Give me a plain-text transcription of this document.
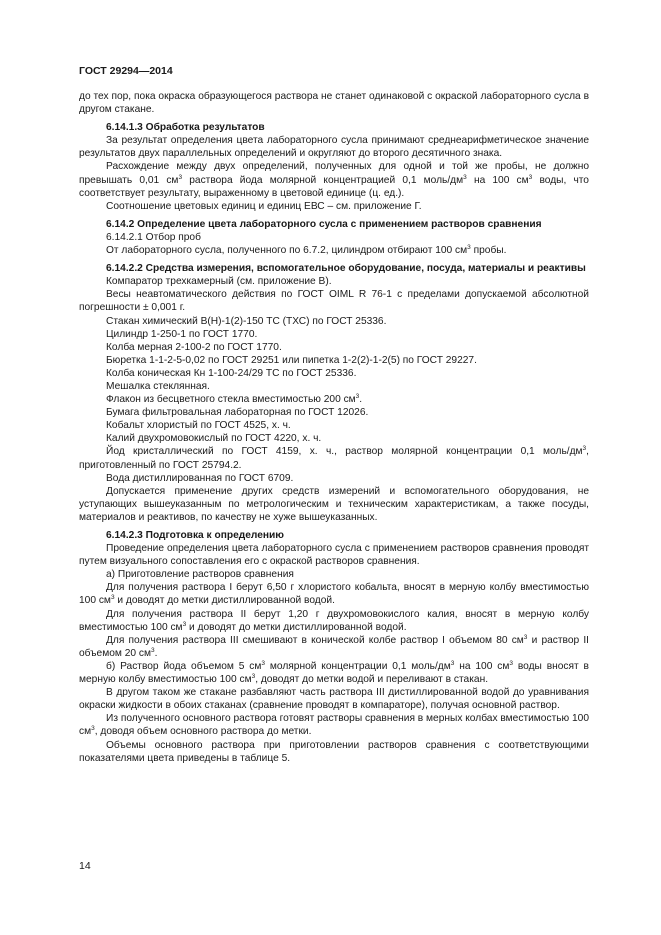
ГОСТ 29294—2014

до тех пор, пока окраска образующегося раствора не станет одинаковой с окраской лабораторного сусла в другом стакане.

6.14.1.3 Обработка результатов

За результат определения цвета лабораторного сусла принимают среднеарифметическое значение результатов двух параллельных определений и округляют до второго десятичного знака.

Расхождение между двух определений, полученных для одной и той же пробы, не должно превышать 0,01 $см^3$ раствора йода молярной концентрацией 0,1 моль/$дм^3$ на 100 $см^3$ воды, что соответствует результату, выраженному в цветовой единице (ц. ед.).

Соотношение цветовых единиц и единиц ЕВС – см. приложение Г.

6.14.2 Определение цвета лабораторного сусла с применением растворов сравнения

6.14.2.1 Отбор проб

От лабораторного сусла, полученного по 6.7.2, цилиндром отбирают 100 $см^3$ пробы.

6.14.2.2 Средства измерения, вспомогательное оборудование, посуда, материалы и реактивы

Компаратор трехкамерный (см. приложение В).

Весы неавтоматического действия по ГОСТ OIML R 76-1 с пределами допускаемой абсолютной погрешности ± 0,001 г.

Стакан химический В(Н)-1(2)-150 ТС (ТХС) по ГОСТ 25336.

Цилиндр 1-250-1 по ГОСТ 1770.

Колба мерная 2-100-2 по ГОСТ 1770.

Бюретка 1-1-2-5-0,02 по ГОСТ 29251 или пипетка 1-2(2)-1-2(5) по ГОСТ 29227.

Колба коническая Кн 1-100-24/29 ТС по ГОСТ 25336.

Мешалка стеклянная.

Флакон из бесцветного стекла вместимостью 200 $см^3$.

Бумага фильтровальная лабораторная по ГОСТ 12026.

Кобальт хлористый по ГОСТ 4525, х. ч.

Калий двухромовокислый по ГОСТ 4220, х. ч.

Йод кристаллический по ГОСТ 4159, х. ч., раствор молярной концентрации 0,1 моль/$дм^3$, приготовленный по ГОСТ 25794.2.

Вода дистиллированная по ГОСТ 6709.

Допускается применение других средств измерений и вспомогательного оборудования, не уступающих вышеуказанным по метрологическим и техническим характеристикам, а также посуды, материалов и реактивов, по качеству не хуже вышеуказанных.

6.14.2.3 Подготовка к определению

Проведение определения цвета лабораторного сусла с применением растворов сравнения проводят путем визуального сопоставления его с окраской растворов сравнения.

а) Приготовление растворов сравнения

Для получения раствора I берут 6,50 г хлористого кобальта, вносят в мерную колбу вместимостью 100 $см^3$ и доводят до метки дистиллированной водой.

Для получения раствора II берут 1,20 г двухромовокислого калия, вносят в мерную колбу вместимостью 100 $см^3$ и доводят до метки дистиллированной водой.

Для получения раствора III смешивают в конической колбе раствор I объемом 80 $см^3$ и раствор II объемом 20 $см^3$.

б) Раствор йода объемом 5 $см^3$ молярной концентрации 0,1 моль/$дм^3$ на 100 $см^3$ воды вносят в мерную колбу вместимостью 100 $см^3$, доводят до метки водой и переливают в стакан.

В другом таком же стакане разбавляют часть раствора III дистиллированной водой до уравнивания окраски жидкости в обоих стаканах (сравнение проводят в компараторе), получая основной раствор.

Из полученного основного раствора готовят растворы сравнения в мерных колбах вместимостью 100 $см^3$, доводя объем основного раствора до метки.

Объемы основного раствора при приготовлении растворов сравнения с соответствующими показателями цвета приведены в таблице 5.

14
